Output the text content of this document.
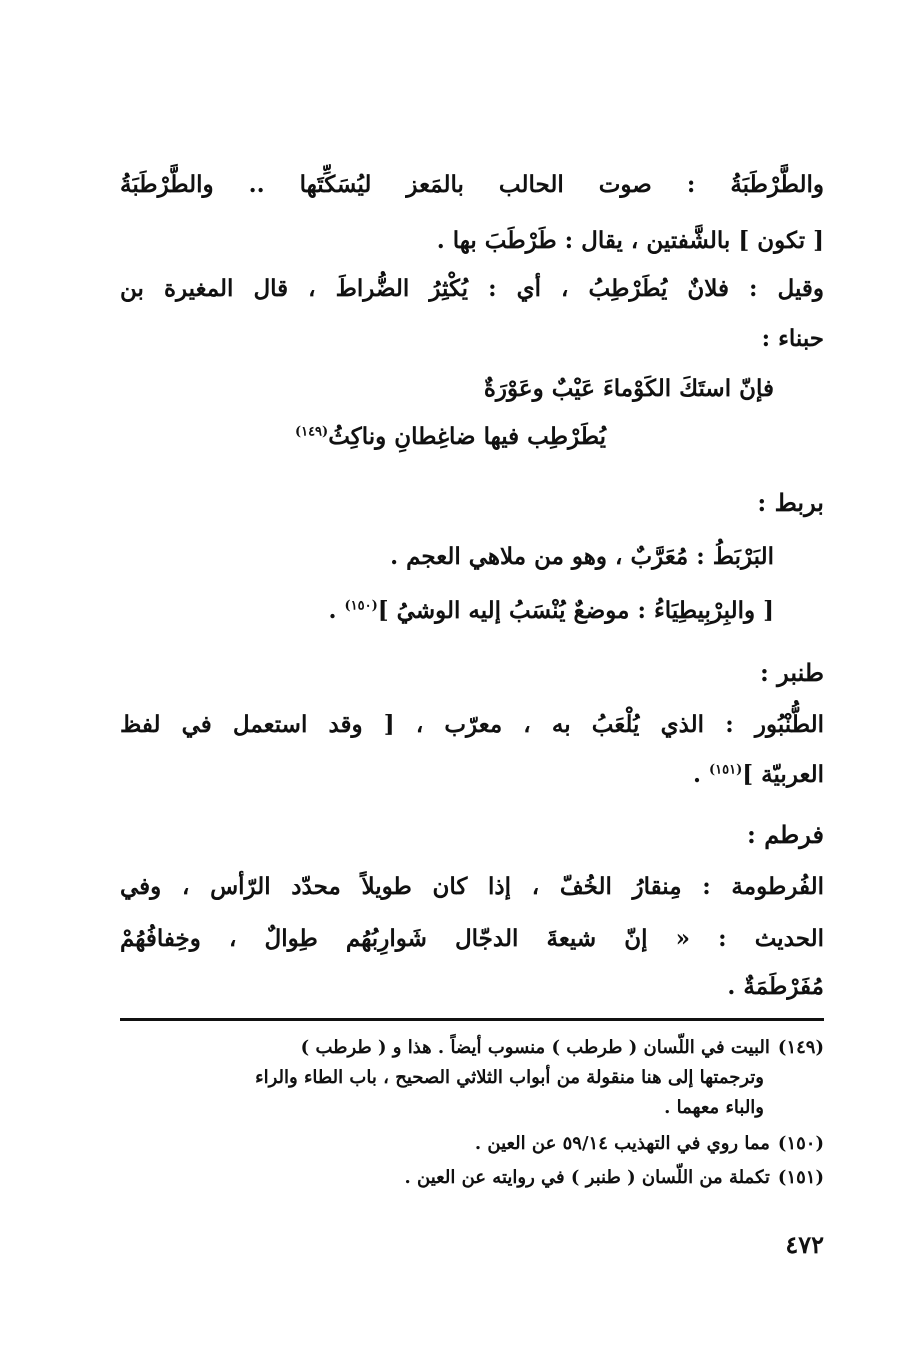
والطَّرْطَبَةُ : صوت الحالب بالمَعز ليُسَكِّتَها .. والطَّرْطَبَةُ
[ تكون ] بالشَّفتين ، يقال : طَرْطَبَ بها .
وقيل : فلانٌ يُطَرْطِبُ ، أي : يُكْثِرُ الضُّراطَ ، قال المغيرة بن
حبناء :
فإنّ استَكَ الكَوْماءَ عَيْبٌ وعَوْرَةٌ
يُطَرْطِب فيها ضاغِطانِ وناكِثُ$^{(١٤٩)}$
بربط :
البَرْبَطُ : مُعَرَّبٌ ، وهو من ملاهي العجم .
[ والبِرْبِيطِيَاءُ : موضعٌ يُنْسَبُ إليه الوشيُ ]$^{(١٥٠)}$ .
طنبر :
الطُّنْبُور : الذي يُلْعَبُ به ، معرّب ، [ وقد استعمل في لفظ
العربيّة ]$^{(١٥١)}$ .
فرطم :
الفُرطومة : مِنقارُ الخُفّ ، إذا كان طويلاً محدّد الرّأس ، وفي
الحديث : « إنّ شيعةَ الدجّال شَوارِبُهُم طِوالٌ ، وخِفافُهُمْ
مُفَرْطَمَةٌ .
(١٤٩)البيت في اللّسان ( طرطب ) منسوب أيضاً . هذا و ( طرطب )
وترجمتها إلى هنا منقولة من أبواب الثلاثي الصحيح ، باب الطاء والراء
والباء معهما .
(١٥٠)مما روي في التهذيب ٥٩/١٤ عن العين .
(١٥١)تكملة من اللّسان ( طنبر ) في روايته عن العين .
٤٧٢
